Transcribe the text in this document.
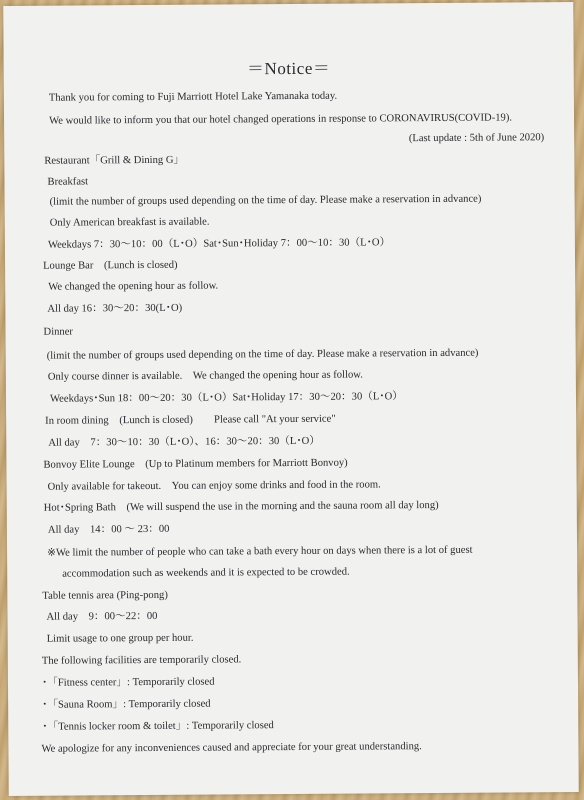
＝Notice＝
Thank you for coming to Fuji Marriott Hotel Lake Yamanaka today.
We would like to inform you that our hotel changed operations in response to CORONAVIRUS(COVID-19).
(Last update : 5th of June 2020)
Restaurant「Grill & Dining G」
Breakfast
(limit the number of groups used depending on the time of day. Please make a reservation in advance)
Only American breakfast is available.
Weekdays 7：30〜10：00（L･O）Sat･Sun･Holiday 7：00〜10：30（L･O）
Lounge Bar　(Lunch is closed)
We changed the opening hour as follow.
All day 16：30〜20：30(L･O)
Dinner
(limit the number of groups used depending on the time of day. Please make a reservation in advance)
Only course dinner is available.　We changed the opening hour as follow.
Weekdays･Sun 18：00〜20：30（L･O）Sat･Holiday 17：30〜20：30（L･O）
In room dining　(Lunch is closed)　　Please call "At your service"
All day　7：30〜10：30（L･O）、16：30〜20：30（L･O）
Bonvoy Elite Lounge　(Up to Platinum members for Marriott Bonvoy)
Only available for takeout.　You can enjoy some drinks and food in the room.
Hot･Spring Bath　(We will suspend the use in the morning and the sauna room all day long)
All day　14：00 〜 23：00
※We limit the number of people who can take a bath every hour on days when there is a lot of guest
accommodation such as weekends and it is expected to be crowded.
Table tennis area (Ping-pong)
All day　9：00〜22：00
Limit usage to one group per hour.
The following facilities are temporarily closed.
･「Fitness center」: Temporarily closed
･「Sauna Room」: Temporarily closed
･「Tennis locker room & toilet」: Temporarily closed
We apologize for any inconveniences caused and appreciate for your great understanding.
